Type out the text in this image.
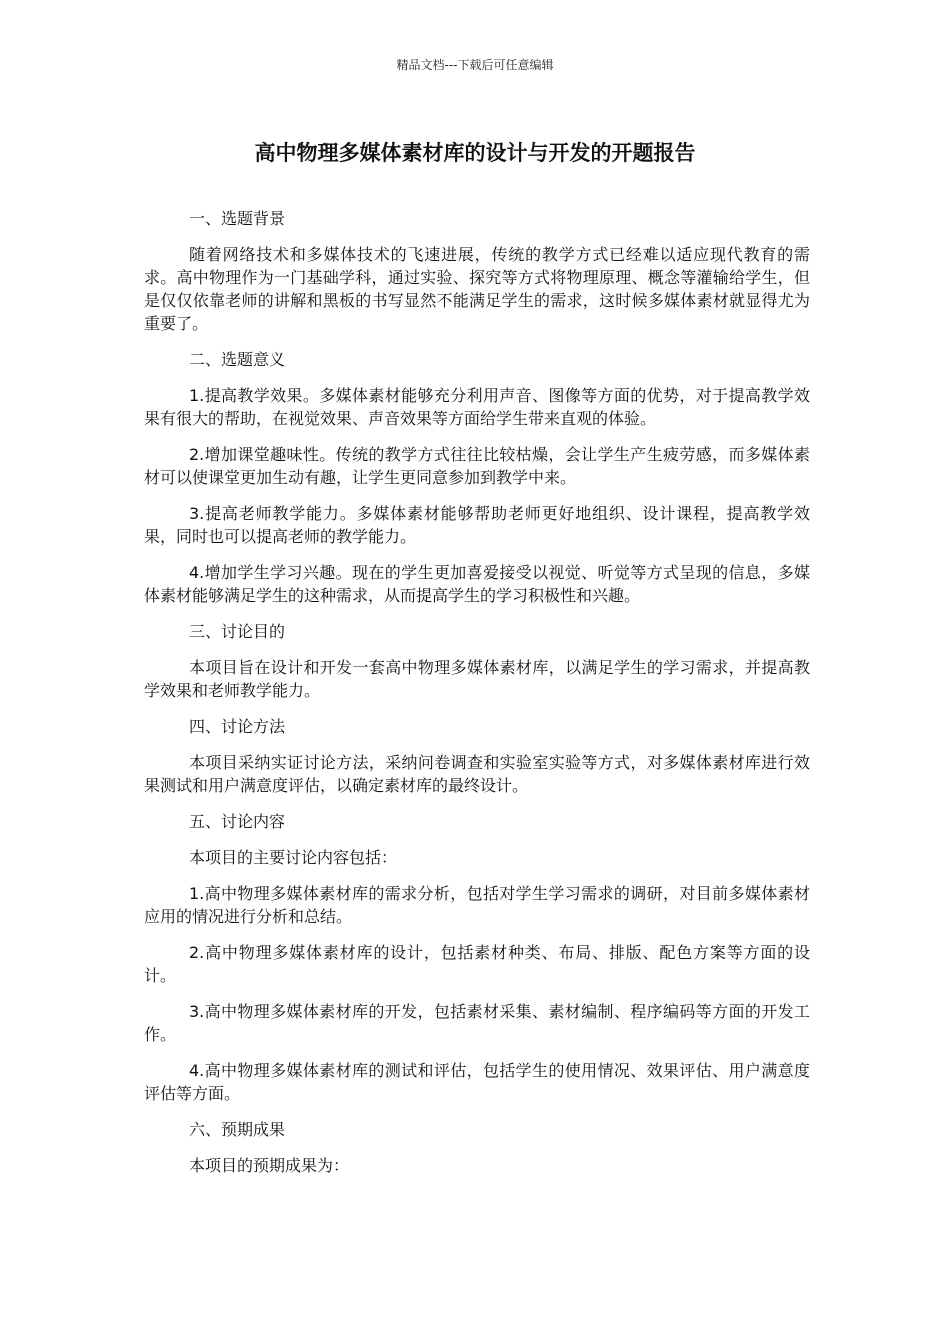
精品文档---下载后可任意编辑
高中物理多媒体素材库的设计与开发的开题报告

一、选题背景

随着网络技术和多媒体技术的飞速进展，传统的教学方式已经难以适应现代教育的需求。高中物理作为一门基础学科，通过实验、探究等方式将物理原理、概念等灌输给学生，但是仅仅依靠老师的讲解和黑板的书写显然不能满足学生的需求，这时候多媒体素材就显得尤为重要了。

二、选题意义

1.提高教学效果。多媒体素材能够充分利用声音、图像等方面的优势，对于提高教学效果有很大的帮助，在视觉效果、声音效果等方面给学生带来直观的体验。

2.增加课堂趣味性。传统的教学方式往往比较枯燥，会让学生产生疲劳感，而多媒体素材可以使课堂更加生动有趣，让学生更同意参加到教学中来。

3.提高老师教学能力。多媒体素材能够帮助老师更好地组织、设计课程，提高教学效果，同时也可以提高老师的教学能力。

4.增加学生学习兴趣。现在的学生更加喜爱接受以视觉、听觉等方式呈现的信息，多媒体素材能够满足学生的这种需求，从而提高学生的学习积极性和兴趣。

三、讨论目的

本项目旨在设计和开发一套高中物理多媒体素材库，以满足学生的学习需求，并提高教学效果和老师教学能力。

四、讨论方法

本项目采纳实证讨论方法，采纳问卷调查和实验室实验等方式，对多媒体素材库进行效果测试和用户满意度评估，以确定素材库的最终设计。

五、讨论内容

本项目的主要讨论内容包括：

1.高中物理多媒体素材库的需求分析，包括对学生学习需求的调研，对目前多媒体素材应用的情况进行分析和总结。

2.高中物理多媒体素材库的设计，包括素材种类、布局、排版、配色方案等方面的设计。

3.高中物理多媒体素材库的开发，包括素材采集、素材编制、程序编码等方面的开发工作。

4.高中物理多媒体素材库的测试和评估，包括学生的使用情况、效果评估、用户满意度评估等方面。

六、预期成果

本项目的预期成果为：
